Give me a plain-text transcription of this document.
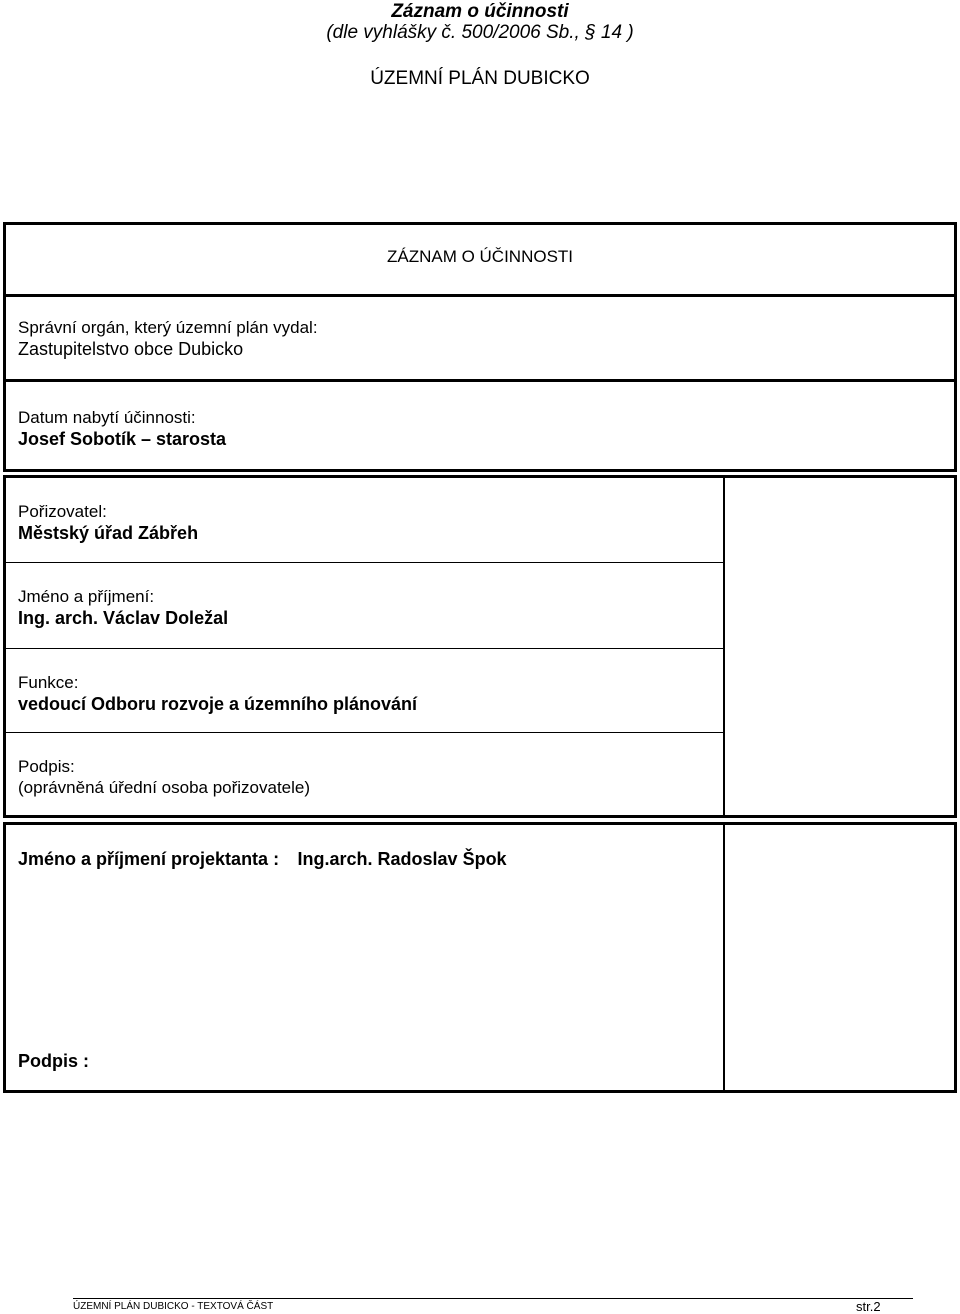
Záznam o účinnosti
(dle vyhlášky č. 500/2006 Sb., § 14 )
ÚZEMNÍ PLÁN DUBICKO
ZÁZNAM O ÚČINNOSTI
Správní orgán, který územní plán vydal:
Zastupitelstvo obce Dubicko
Datum nabytí účinnosti:
Josef Sobotík – starosta
Pořizovatel:
Městský úřad Zábřeh
Jméno a příjmení:
Ing. arch. Václav Doležal
Funkce:
vedoucí Odboru rozvoje a územního plánování
Podpis:
(oprávněná úřední osoba pořizovatele)
Jméno a příjmení projektanta : Ing.arch. Radoslav Špok
Podpis :
ÚZEMNÍ PLÁN DUBICKO - TEXTOVÁ ČÁST	str.2
